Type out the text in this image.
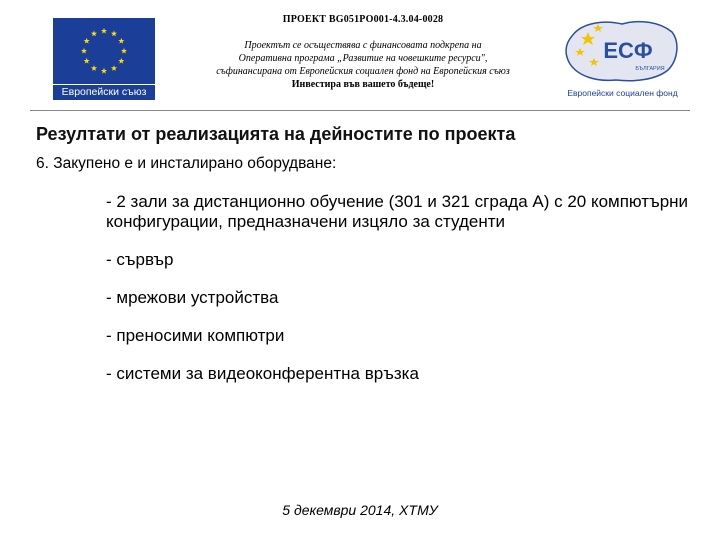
Европейски съюз
ПРОЕКТ BG051PO001-4.3.04-0028
Проектът се осъществява с финансовата подкрепа на
Оперативна програма „Развитие на човешките ресурси",
съфинансирана от Европейския социален фонд на Европейския съюз
Инвестира във вашето бъдеще!
ЕСФ
БЪЛГАРИЯ
Европейски социален фонд
Резултати от реализацията на дейностите по проекта
6. Закупено е и инсталирано оборудване:
- 2 зали за дистанционно обучение (301 и 321 сграда А) с 20 компютърни конфигурации, предназначени изцяло за студенти
- сървър
- мрежови устройства
- преносими компютри
- системи за видеоконферентна връзка
5 декември 2014, ХТМУ
